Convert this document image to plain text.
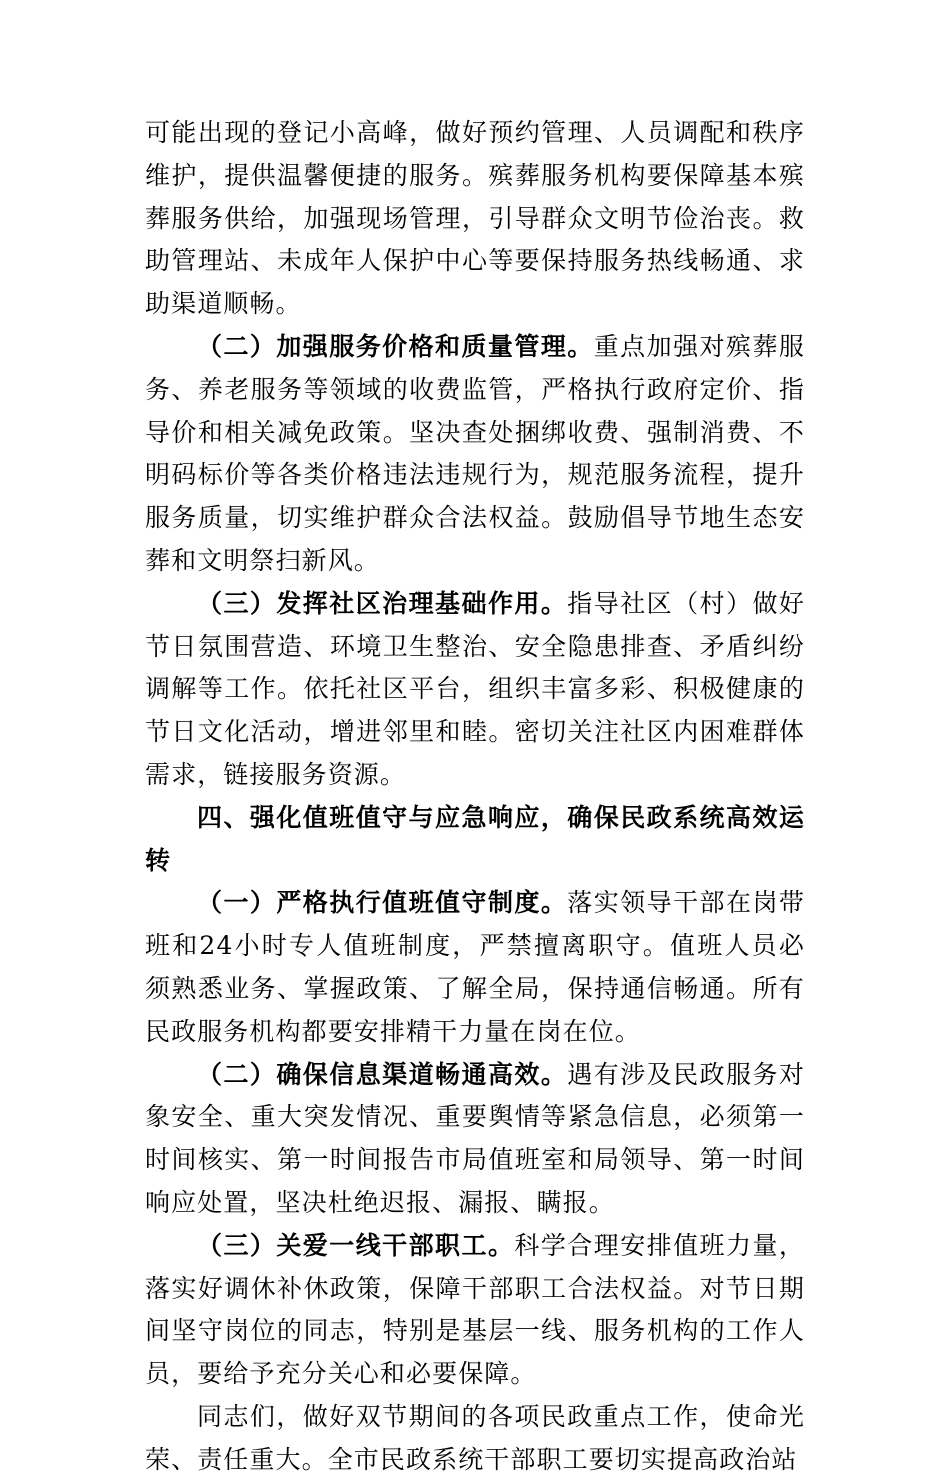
可能出现的登记小高峰，做好预约管理、人员调配和秩序维护，提供温馨便捷的服务。殡葬服务机构要保障基本殡葬服务供给，加强现场管理，引导群众文明节俭治丧。救助管理站、未成年人保护中心等要保持服务热线畅通、求助渠道顺畅。

（二）加强服务价格和质量管理。重点加强对殡葬服务、养老服务等领域的收费监管，严格执行政府定价、指导价和相关减免政策。坚决查处捆绑收费、强制消费、不明码标价等各类价格违法违规行为，规范服务流程，提升服务质量，切实维护群众合法权益。鼓励倡导节地生态安葬和文明祭扫新风。

（三）发挥社区治理基础作用。指导社区（村）做好节日氛围营造、环境卫生整治、安全隐患排查、矛盾纠纷调解等工作。依托社区平台，组织丰富多彩、积极健康的节日文化活动，增进邻里和睦。密切关注社区内困难群体需求，链接服务资源。

四、强化值班值守与应急响应，确保民政系统高效运转

（一）严格执行值班值守制度。落实领导干部在岗带班和24小时专人值班制度，严禁擅离职守。值班人员必须熟悉业务、掌握政策、了解全局，保持通信畅通。所有民政服务机构都要安排精干力量在岗在位。

（二）确保信息渠道畅通高效。遇有涉及民政服务对象安全、重大突发情况、重要舆情等紧急信息，必须第一时间核实、第一时间报告市局值班室和局领导、第一时间响应处置，坚决杜绝迟报、漏报、瞒报。

（三）关爱一线干部职工。科学合理安排值班力量，落实好调休补休政策，保障干部职工合法权益。对节日期间坚守岗位的同志，特别是基层一线、服务机构的工作人员，要给予充分关心和必要保障。

同志们，做好双节期间的各项民政重点工作，使命光荣、责任重大。全市民政系统干部职工要切实提高政治站
